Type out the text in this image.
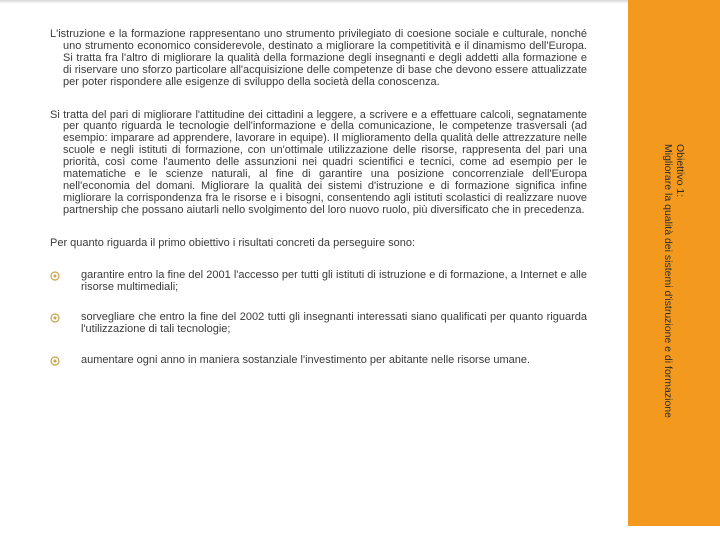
L'istruzione e la formazione rappresentano uno strumento privilegiato di coesione sociale e culturale, nonché uno strumento economico considerevole, destinato a migliorare la competitività e il dinamismo dell'Europa. Si tratta fra l'altro di migliorare la qualità della formazione degli insegnanti e degli addetti alla formazione e di riservare uno sforzo particolare all'acquisizione delle competenze di base che devono essere attualizzate per poter rispondere alle esigenze di sviluppo della società della conoscenza.

Si tratta del pari di migliorare l'attitudine dei cittadini a leggere, a scrivere e a effettuare calcoli, segnatamente per quanto riguarda le tecnologie dell'informazione e della comunicazione, le competenze trasversali (ad esempio: imparare ad apprendere, lavorare in equipe). Il miglioramento della qualità delle attrezzature nelle scuole e negli istituti di formazione, con un'ottimale utilizzazione delle risorse, rappresenta del pari una priorità, così come l'aumento delle assunzioni nei quadri scientifici e tecnici, come ad esempio per le matematiche e le scienze naturali, al fine di garantire una posizione concorrenziale dell'Europa nell'economia del domani. Migliorare la qualità dei sistemi d'istruzione e di formazione significa infine migliorare la corrispondenza fra le risorse e i bisogni, consentendo agli istituti scolastici di realizzare nuove partnership che possano aiutarli nello svolgimento del loro nuovo ruolo, più diversificato che in precedenza.

Per quanto riguarda il primo obiettivo i risultati concreti da perseguire sono:

garantire entro la fine del 2001 l'accesso per tutti gli istituti di istruzione e di formazione, a Internet e alle risorse multimediali;
sorvegliare che entro la fine del 2002 tutti gli insegnanti interessati siano qualificati per quanto riguarda l'utilizzazione di tali tecnologie;
aumentare ogni anno in maniera sostanziale l'investimento per abitante nelle risorse umane.
Obiettivo 1:
Migliorare la qualità dei sistemi d'istruzione e di formazione
